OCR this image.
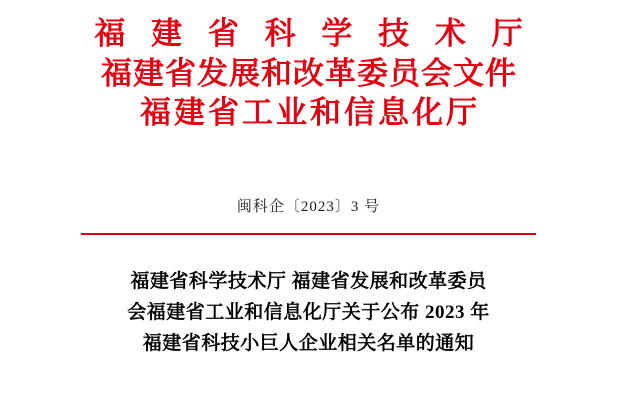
福 建 省 科 学 技 术 厅
福建省发展和改革委员会文件
福建省工业和信息化厅
闽科企〔2023〕3 号
福建省科学技术厅 福建省发展和改革委员
会福建省工业和信息化厅关于公布 2023 年
福建省科技小巨人企业相关名单的通知
